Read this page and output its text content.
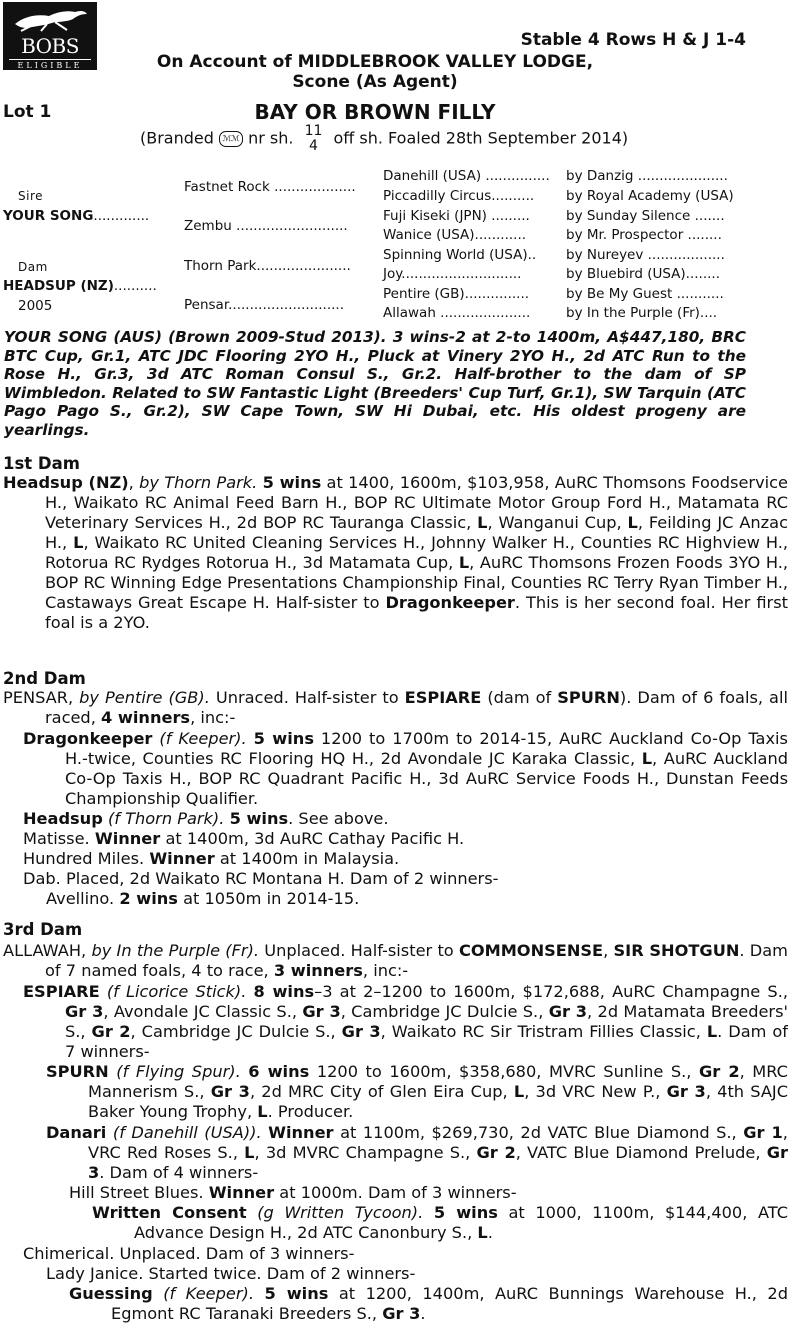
BOBS
ELIGIBLE
Stable 4 Rows H & J 1-4
On Account of MIDDLEBROOK VALLEY LODGE,
Scone (As Agent)
Lot 1	BAY OR BROWN FILLY
(Branded ℳℳ nr sh. 11
4 off sh. Foaled 28th September 2014)
Sire
YOUR SONG.............
Dam
HEADSUP (NZ)..........
2005
Fastnet Rock ...................
Zembu ..........................
Thorn Park......................
Pensar...........................
Danehill (USA) ...............
Piccadilly Circus..........
Fuji Kiseki (JPN) .........
Wanice (USA)............
Spinning World (USA)..
Joy............................
Pentire (GB)...............
Allawah .....................
by Danzig .....................
by Royal Academy (USA)
by Sunday Silence .......
by Mr. Prospector ........
by Nureyev ..................
by Bluebird (USA)........
by Be My Guest ...........
by In the Purple (Fr)....
YOUR SONG (AUS) (Brown 2009-Stud 2013). 3 wins-2 at 2-to 1400m, A$447,180, BRC BTC Cup, Gr.1, ATC JDC Flooring 2YO H., Pluck at Vinery 2YO H., 2d ATC Run to the Rose H., Gr.3, 3d ATC Roman Consul S., Gr.2. Half-brother to the dam of SP Wimbledon. Related to SW Fantastic Light (Breeders' Cup Turf, Gr.1), SW Tarquin (ATC Pago Pago S., Gr.2), SW Cape Town, SW Hi Dubai, etc. His oldest progeny are yearlings.
1st Dam
Headsup (NZ), by Thorn Park. 5 wins at 1400, 1600m, $103,958, AuRC Thomsons Foodservice H., Waikato RC Animal Feed Barn H., BOP RC Ultimate Motor Group Ford H., Matamata RC Veterinary Services H., 2d BOP RC Tauranga Classic, L, Wanganui Cup, L, Feilding JC Anzac H., L, Waikato RC United Cleaning Services H., Johnny Walker H., Counties RC Highview H., Rotorua RC Rydges Rotorua H., 3d Matamata Cup, L, AuRC Thomsons Frozen Foods 3YO H., BOP RC Winning Edge Presentations Championship Final, Counties RC Terry Ryan Timber H., Castaways Great Escape H. Half-sister to Dragonkeeper. This is her second foal. Her first foal is a 2YO.
2nd Dam
PENSAR, by Pentire (GB). Unraced. Half-sister to ESPIARE (dam of SPURN). Dam of 6 foals, all raced, 4 winners, inc:-
Dragonkeeper (f Keeper). 5 wins 1200 to 1700m to 2014-15, AuRC Auckland Co-Op Taxis H.-twice, Counties RC Flooring HQ H., 2d Avondale JC Karaka Classic, L, AuRC Auckland Co-Op Taxis H., BOP RC Quadrant Pacific H., 3d AuRC Service Foods H., Dunstan Feeds Championship Qualifier.
Headsup (f Thorn Park). 5 wins. See above.
Matisse. Winner at 1400m, 3d AuRC Cathay Pacific H.
Hundred Miles. Winner at 1400m in Malaysia.
Dab. Placed, 2d Waikato RC Montana H. Dam of 2 winners-
Avellino. 2 wins at 1050m in 2014-15.
3rd Dam
ALLAWAH, by In the Purple (Fr). Unplaced. Half-sister to COMMONSENSE, SIR SHOTGUN. Dam of 7 named foals, 4 to race, 3 winners, inc:-
ESPIARE (f Licorice Stick). 8 wins–3 at 2–1200 to 1600m, $172,688, AuRC Champagne S., Gr 3, Avondale JC Classic S., Gr 3, Cambridge JC Dulcie S., Gr 3, 2d Matamata Breeders' S., Gr 2, Cambridge JC Dulcie S., Gr 3, Waikato RC Sir Tristram Fillies Classic, L. Dam of 7 winners-
SPURN (f Flying Spur). 6 wins 1200 to 1600m, $358,680, MVRC Sunline S., Gr 2, MRC Mannerism S., Gr 3, 2d MRC City of Glen Eira Cup, L, 3d VRC New P., Gr 3, 4th SAJC Baker Young Trophy, L. Producer.
Danari (f Danehill (USA)). Winner at 1100m, $269,730, 2d VATC Blue Diamond S., Gr 1, VRC Red Roses S., L, 3d MVRC Champagne S., Gr 2, VATC Blue Diamond Prelude, Gr 3. Dam of 4 winners-
Hill Street Blues. Winner at 1000m. Dam of 3 winners-
Written Consent (g Written Tycoon). 5 wins at 1000, 1100m, $144,400, ATC Advance Design H., 2d ATC Canonbury S., L.
Chimerical. Unplaced. Dam of 3 winners-
Lady Janice. Started twice. Dam of 2 winners-
Guessing (f Keeper). 5 wins at 1200, 1400m, AuRC Bunnings Warehouse H., 2d Egmont RC Taranaki Breeders S., Gr 3.
